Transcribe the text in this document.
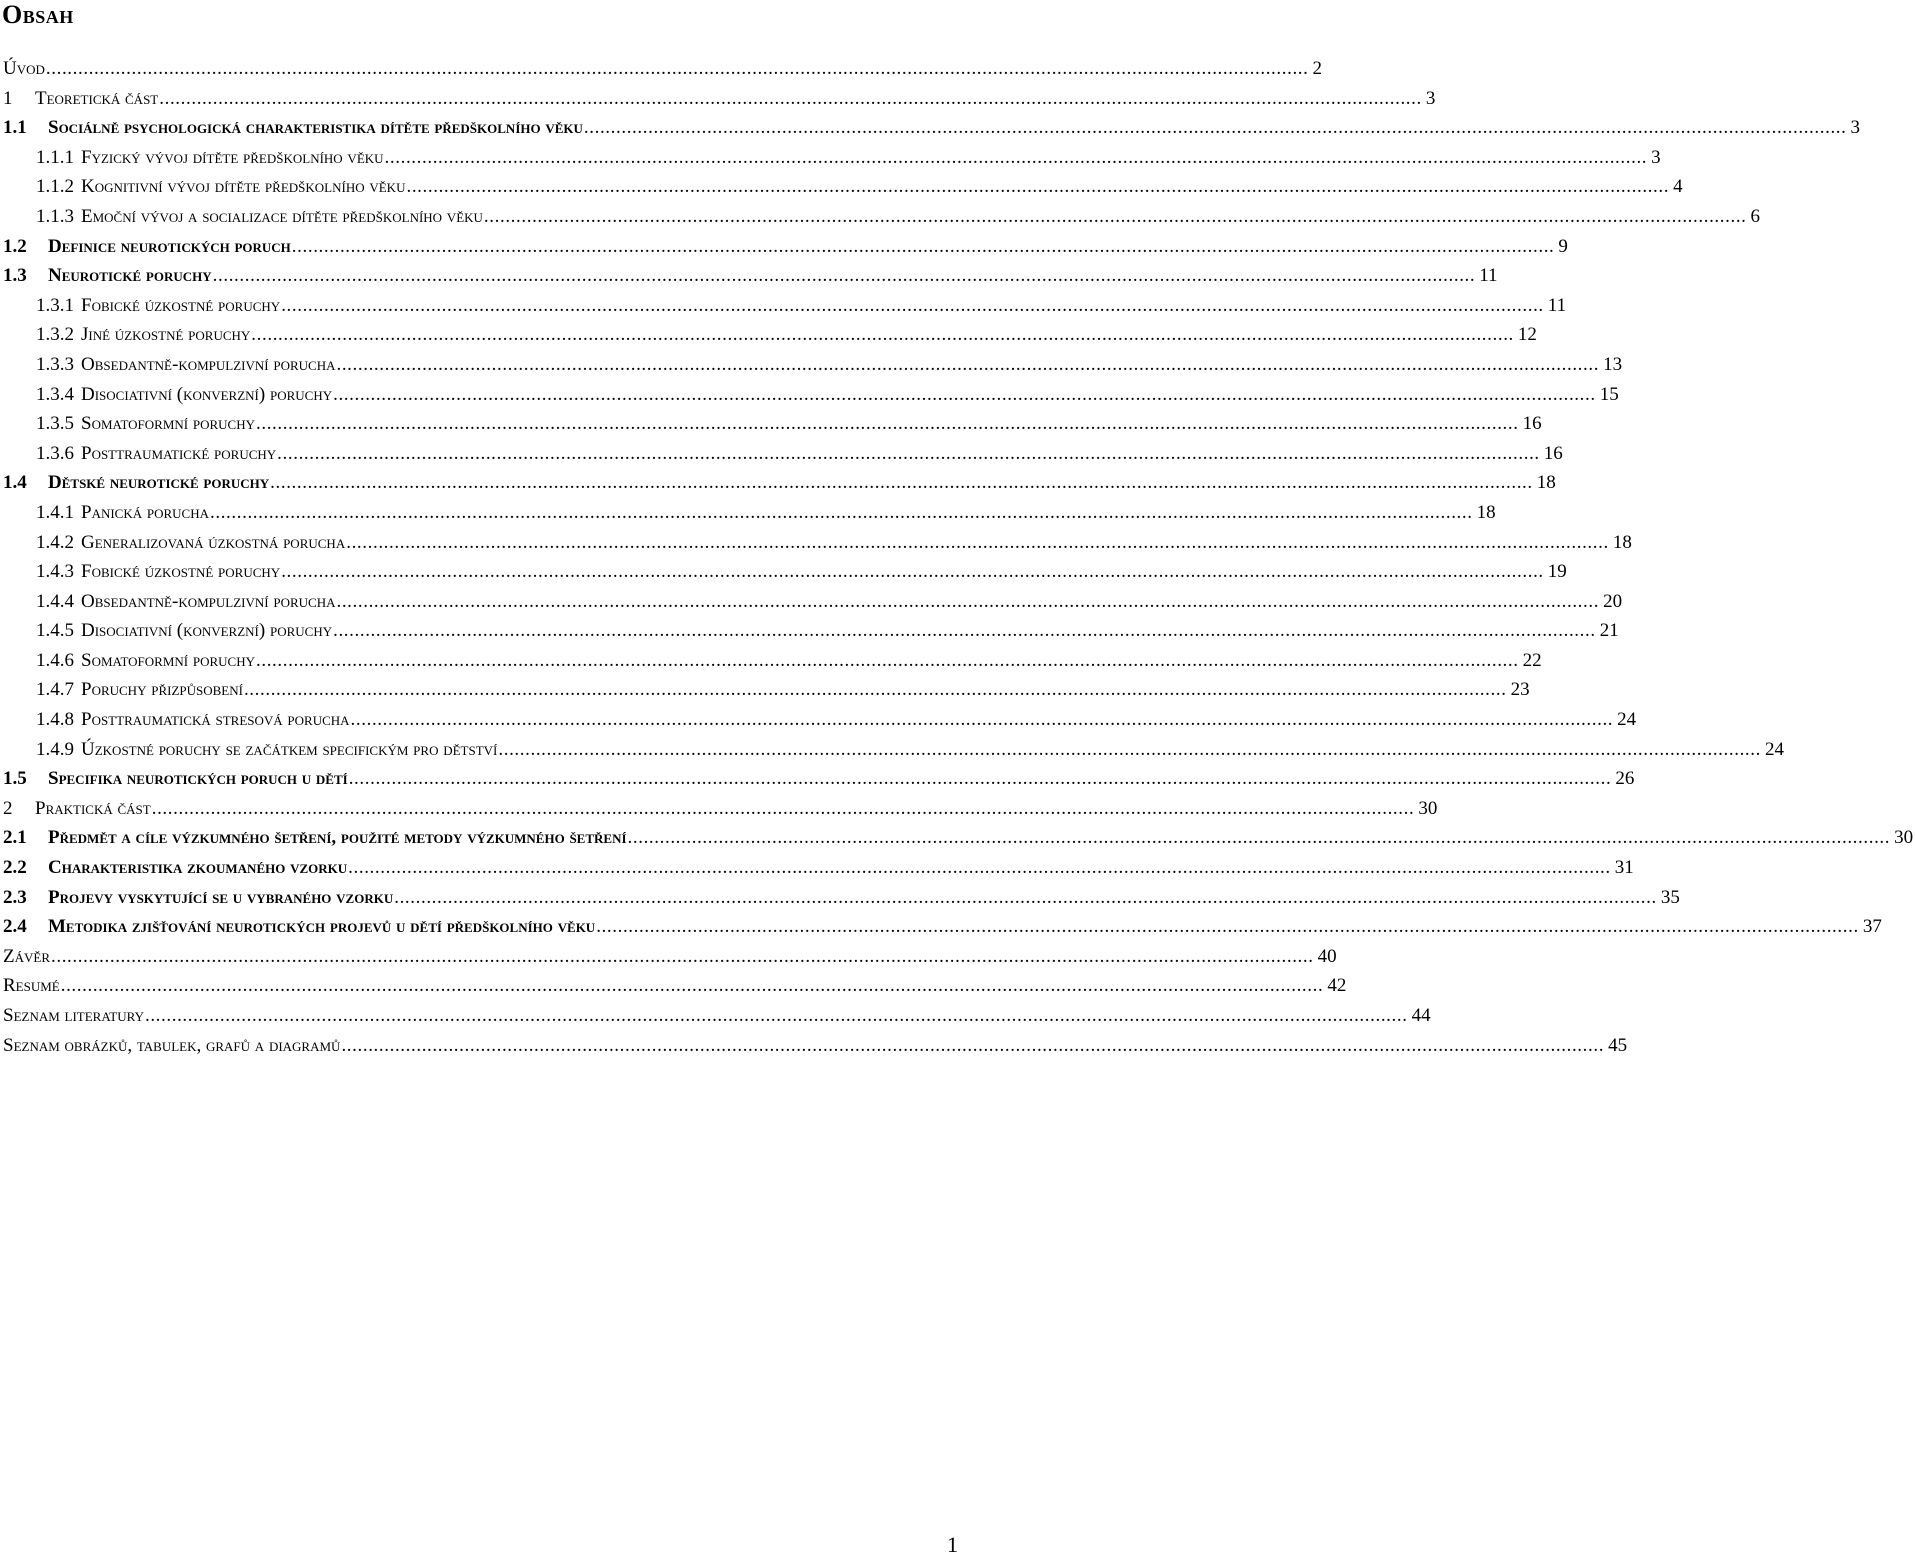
Obsah
Úvod .....	2
1	Teoretická část .....	3
1.1	Sociálně psychologická charakteristika dítěte předškolního věku .....	3
1.1.1 Fyzický vývoj dítěte předškolního věku .....	3
1.1.2 Kognitivní vývoj dítěte předškolního věku .....	4
1.1.3 Emoční vývoj a socializace dítěte předškolního věku .....	6
1.2	Definice neurotických poruch .....	9
1.3	Neurotické poruchy .....	11
1.3.1 Fobické úzkostné poruchy .....	11
1.3.2 Jiné úzkostné poruchy .....	12
1.3.3 Obsedantně-kompulzivní porucha .....	13
1.3.4 Disociativní (konverzní) poruchy .....	15
1.3.5 Somatoformní poruchy .....	16
1.3.6 Posttraumatické poruchy .....	16
1.4	Dětské neurotické poruchy .....	18
1.4.1 Panická porucha .....	18
1.4.2 Generalizovaná úzkostná porucha .....	18
1.4.3 Fobické úzkostné poruchy .....	19
1.4.4 Obsedantně-kompulzivní porucha .....	20
1.4.5 Disociativní (konverzní) poruchy .....	21
1.4.6 Somatoformní poruchy .....	22
1.4.7 Poruchy přizpůsobení .....	23
1.4.8 Posttraumatická stresová porucha .....	24
1.4.9 Úzkostné poruchy se začátkem specifickým pro dětství .....	24
1.5	Specifika neurotických poruch u dětí .....	26
2	Praktická část .....	30
2.1	Předmět a cíle výzkumného šetření, použité metody výzkumného šetření .....	30
2.2	Charakteristika zkoumaného vzorku .....	31
2.3	Projevy vyskytující se u vybraného vzorku .....	35
2.4	Metodika zjišťování neurotických projevů u dětí předškolního věku .....	37
Závěr .....	40
Resumé .....	42
Seznam literatury .....	44
Seznam obrázků, tabulek, grafů a diagramů .....	45
1
